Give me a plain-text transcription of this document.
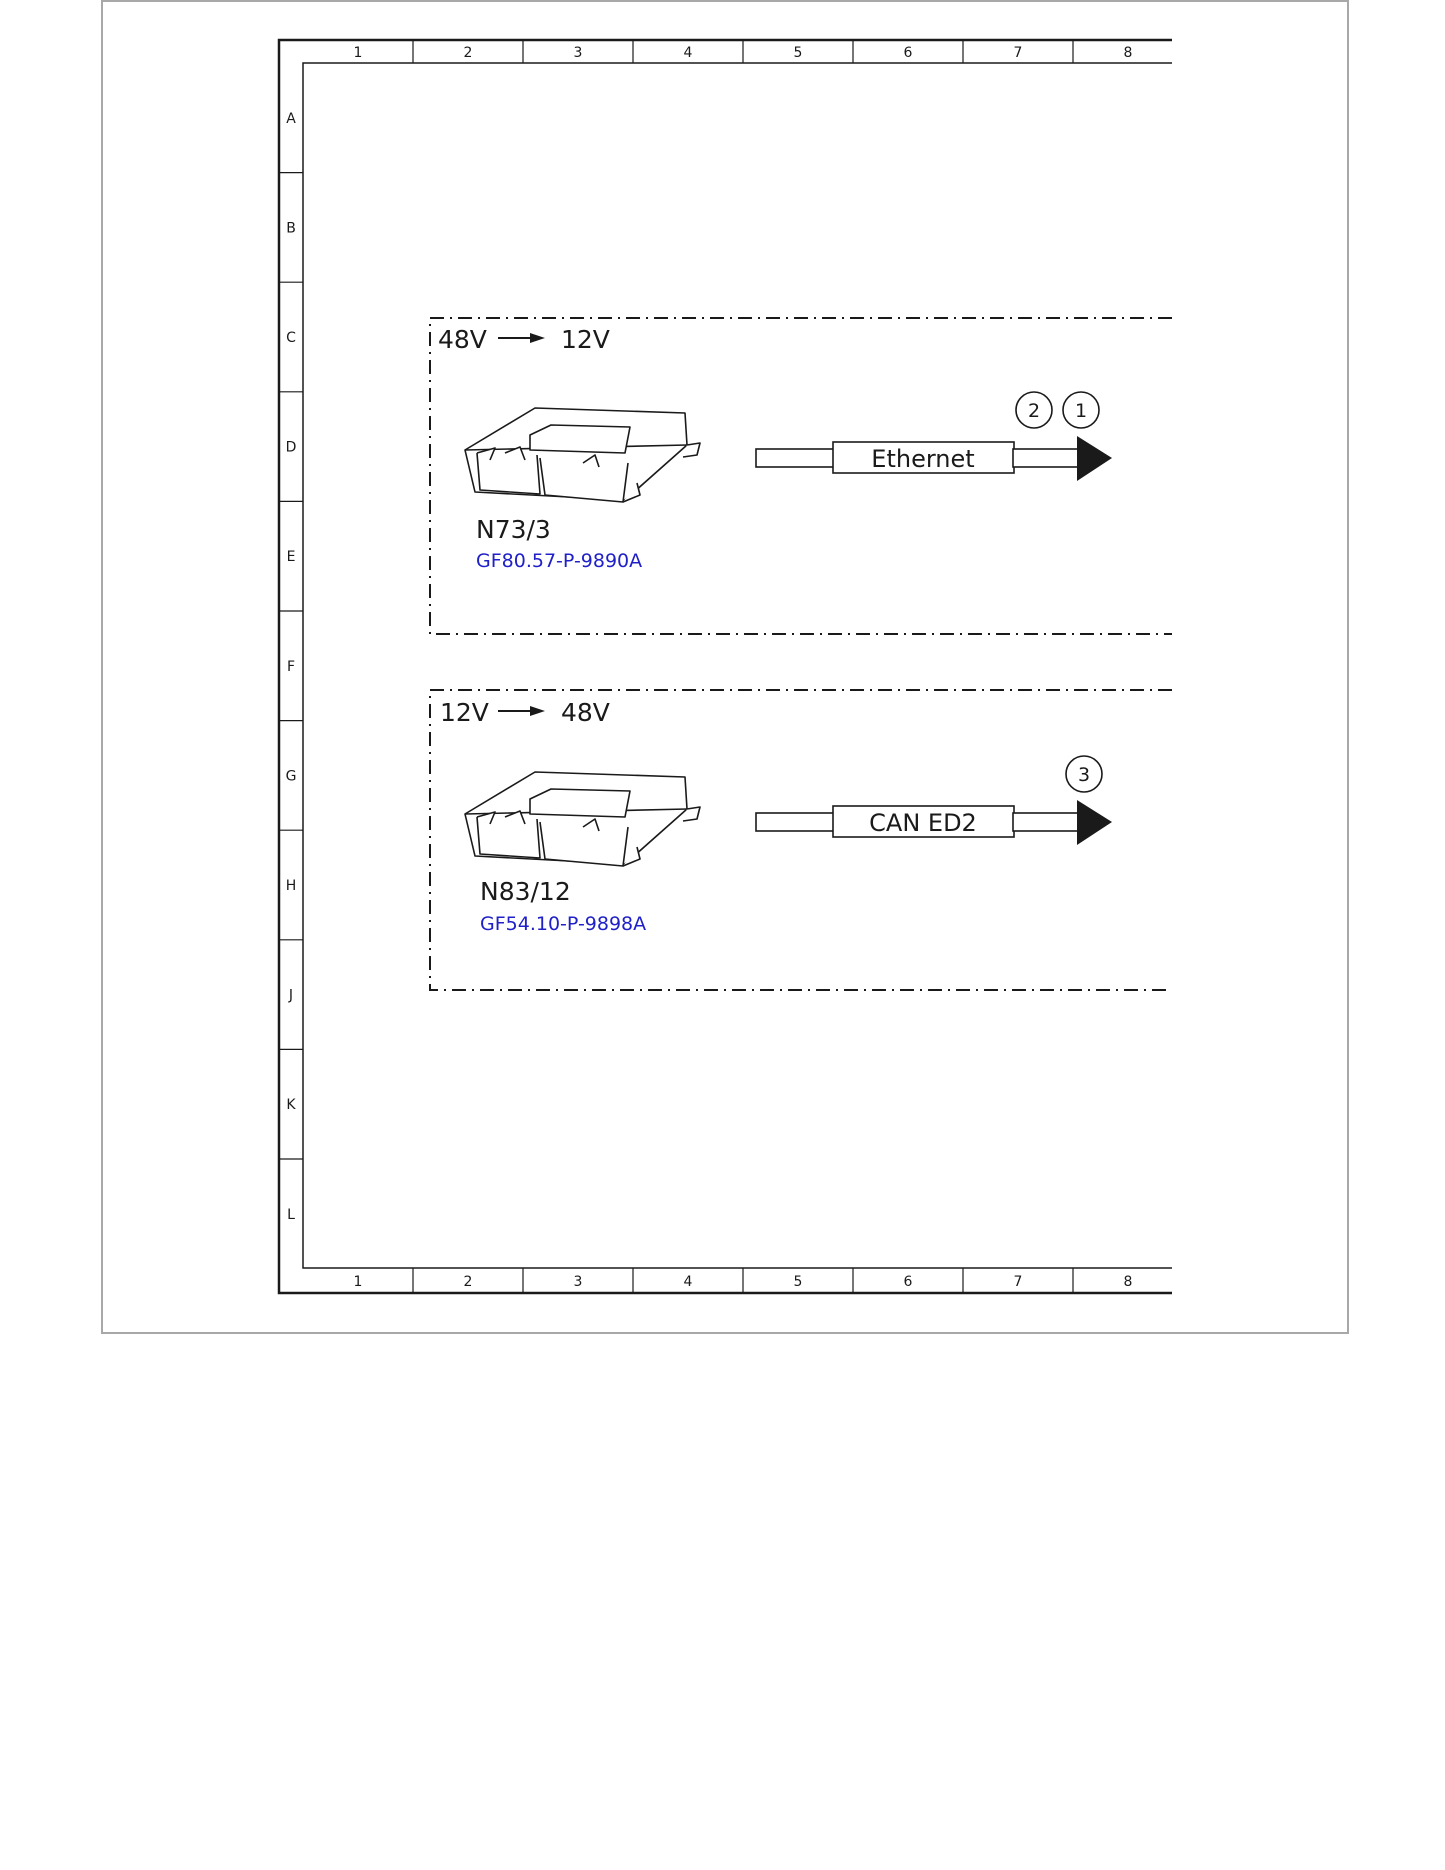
1	2	3	4	5	6	7	8
1	2	3	4	5	6	7	8
A
B
C
D
E
F
G
H
J
K
L
48V	12V
N73/3
GF80.57-P-9890A
Ethernet
2 1
12V	48V
N83/12
GF54.10-P-9898A
CAN ED2
3
